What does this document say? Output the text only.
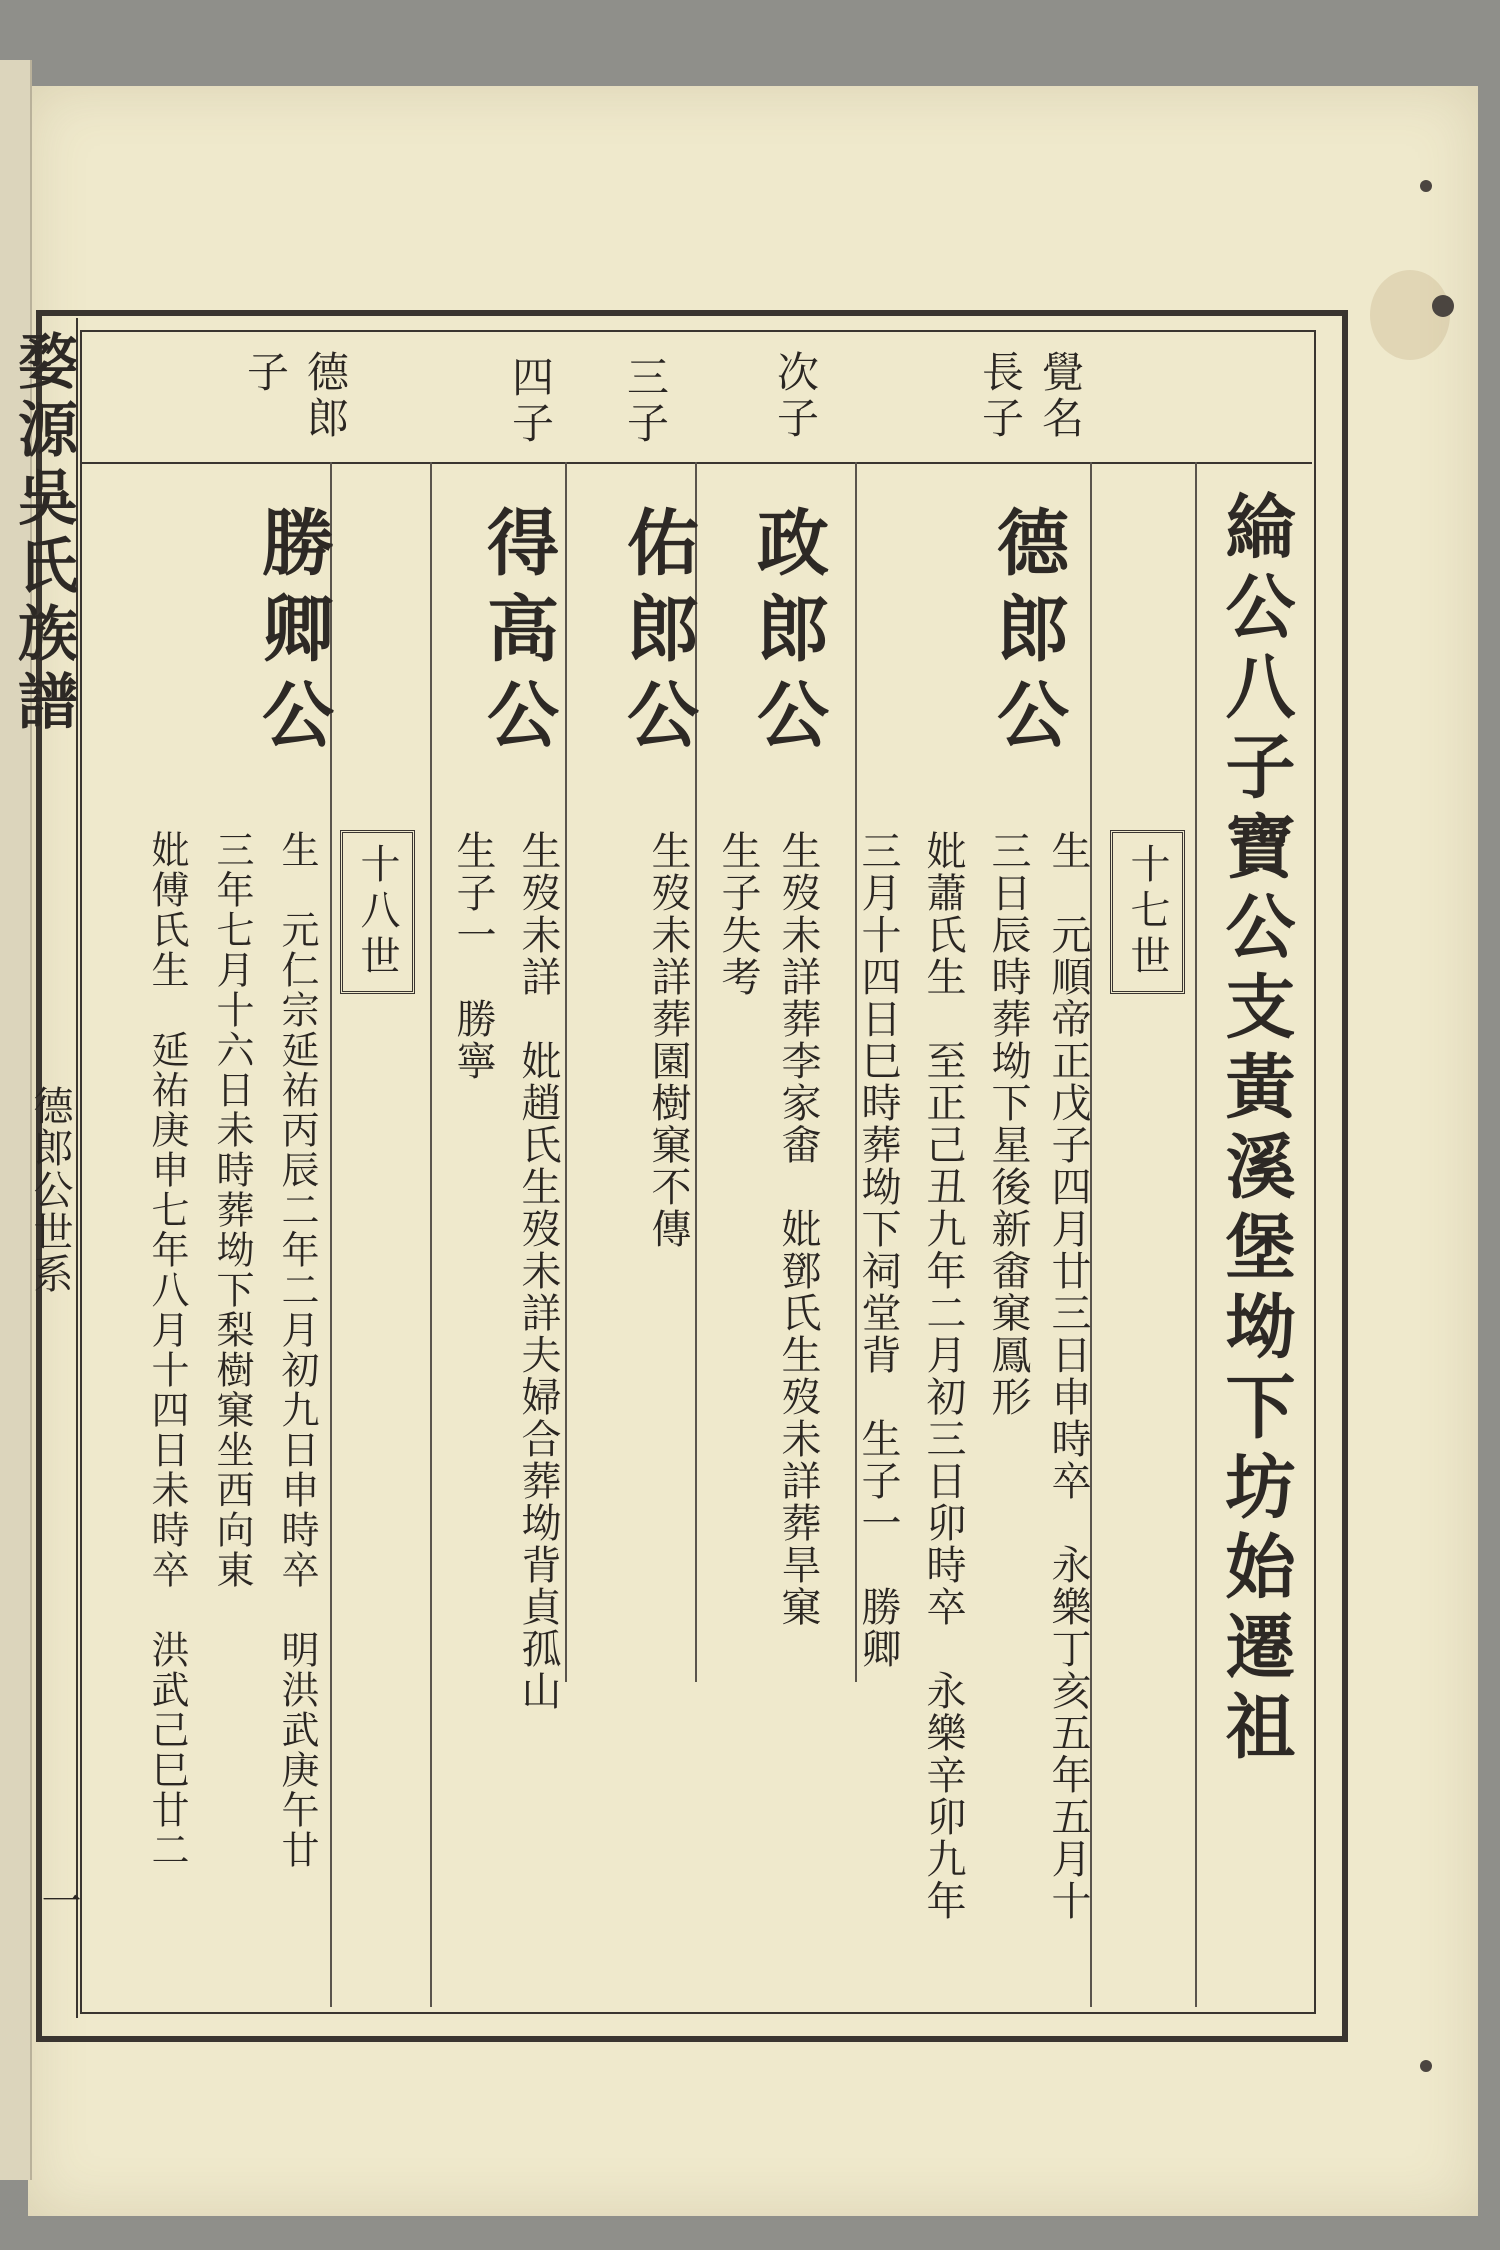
婺源吳氏族譜
德郎公世系
一
覺名長子
次子
三子
四子
德郎子
綸公八子寶公支黃溪堡坳下坊始遷祖
十七世
十八世
德郎公
生　元順帝正戊子四月廿三日申時卒　永樂丁亥五年五月十
三日辰時葬坳下星後新畬窠鳳形
妣蕭氏生　至正己丑九年二月初三日卯時卒　永樂辛卯九年
三月十四日巳時葬坳下祠堂背　生子一　勝卿
政郎公
生歿未詳葬李家畬　妣鄧氏生歿未詳葬旱窠
生子失考
佑郎公
生歿未詳葬園樹窠不傳
得高公
生歿未詳　妣趙氏生歿未詳夫婦合葬坳背貞孤山
生子一　勝寧
勝卿公
生　元仁宗延祐丙辰二年二月初九日申時卒　明洪武庚午廿
三年七月十六日未時葬坳下梨樹窠坐西向東
妣傅氏生　延祐庚申七年八月十四日未時卒　洪武己巳廿二
